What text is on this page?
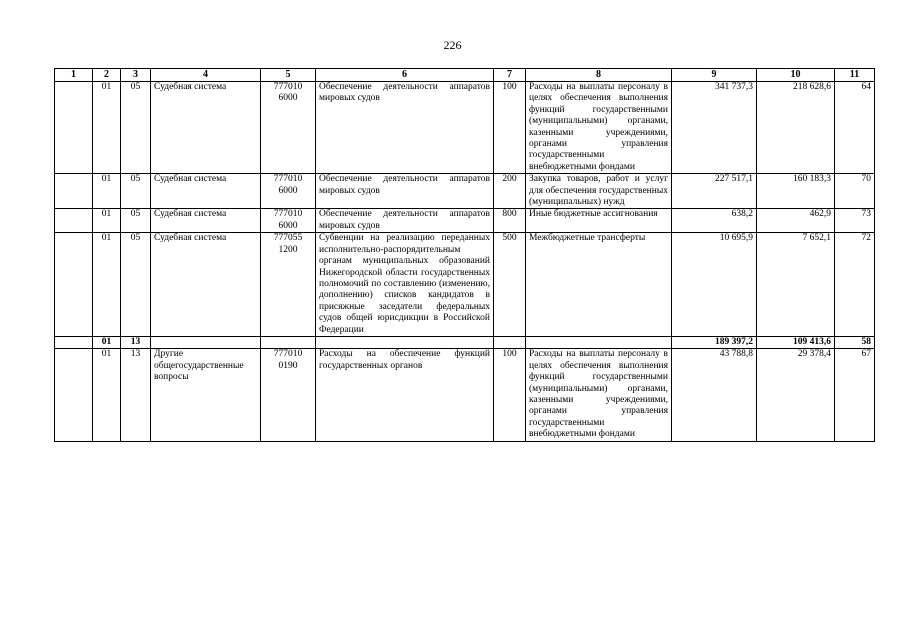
226
1	2	3	4	5	6	7	8	9	10	11
	01	05	Судебная система	777010 6000	Обеспечение деятельности аппаратов мировых судов	100	Расходы на выплаты персоналу в целях обеспечения выполнения функций государственными (муниципальными) органами, казенными учреждениями, органами управления государственными внебюджетными фондами	341 737,3	218 628,6	64
	01	05	Судебная система	777010 6000	Обеспечение деятельности аппаратов мировых судов	200	Закупка товаров, работ и услуг для обеспечения государственных (муниципальных) нужд	227 517,1	160 183,3	70
	01	05	Судебная система	777010 6000	Обеспечение деятельности аппаратов мировых судов	800	Иные бюджетные ассигнования	638,2	462,9	73
	01	05	Судебная система	777055 1200	Субвенции на реализацию переданных исполнительно-распорядительным органам муниципальных образований Нижегородской области государственных полномочий по составлению (изменению, дополнению) списков кандидатов в присяжные заседатели федеральных судов общей юрисдикции в Российской Федерации	500	Межбюджетные трансферты	10 695,9	7 652,1	72
	01	13						189 397,2	109 413,6	58
	01	13	Другие общегосударственные вопросы	777010 0190	Расходы на обеспечение функций государственных органов	100	Расходы на выплаты персоналу в целях обеспечения выполнения функций государственными (муниципальными) органами, казенными учреждениями, органами управления государственными внебюджетными фондами	43 788,8	29 378,4	67
